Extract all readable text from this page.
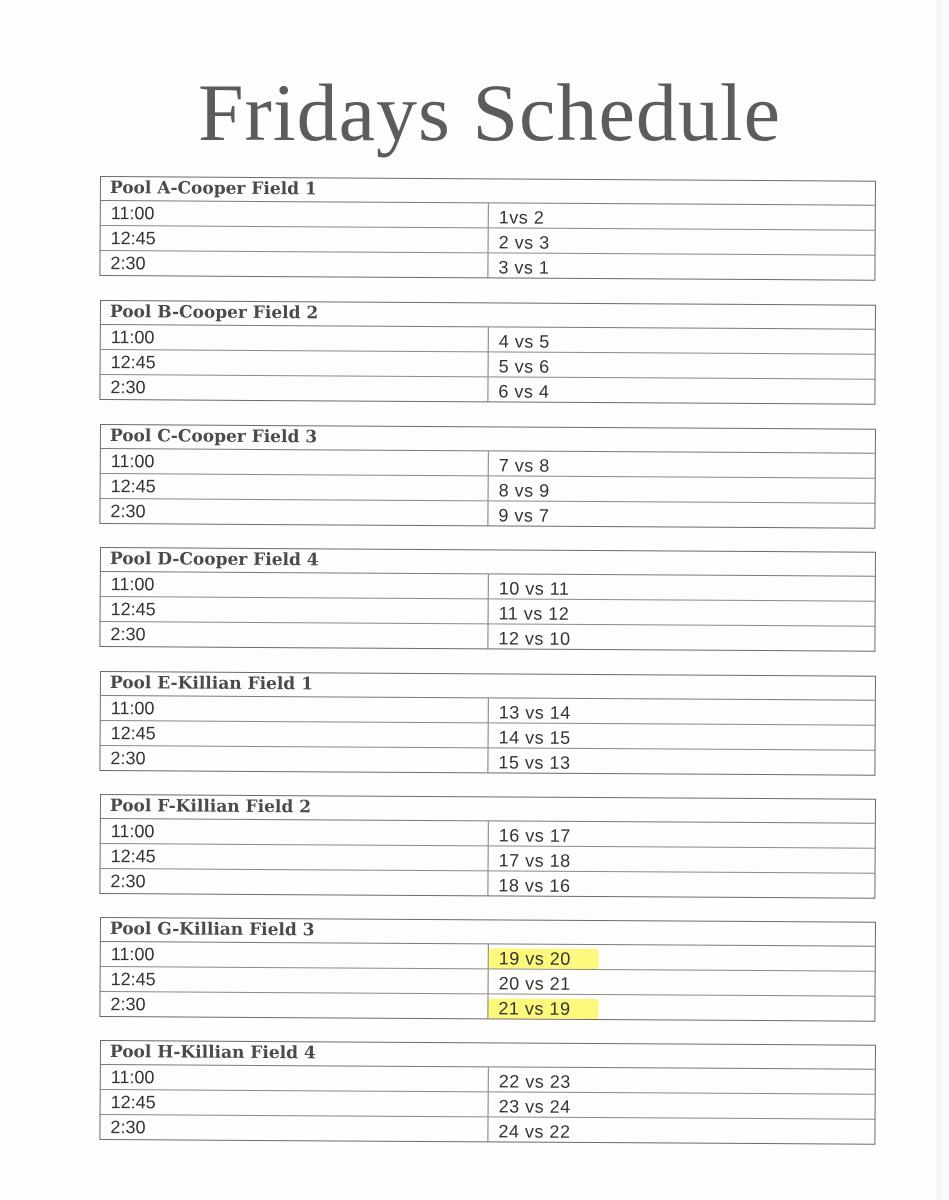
Fridays Schedule
Pool A-Cooper Field 1
11:00	1vs 2
12:45	2 vs 3
2:30	3 vs 1
Pool B-Cooper Field 2
11:00	4 vs 5
12:45	5 vs 6
2:30	6 vs 4
Pool C-Cooper Field 3
11:00	7 vs 8
12:45	8 vs 9
2:30	9 vs 7
Pool D-Cooper Field 4
11:00	10 vs 11
12:45	11 vs 12
2:30	12 vs 10
Pool E-Killian Field 1
11:00	13 vs 14
12:45	14 vs 15
2:30	15 vs 13
Pool F-Killian Field 2
11:00	16 vs 17
12:45	17 vs 18
2:30	18 vs 16
Pool G-Killian Field 3
11:00	19 vs 20
12:45	20 vs 21
2:30	21 vs 19
Pool H-Killian Field 4
11:00	22 vs 23
12:45	23 vs 24
2:30	24 vs 22
